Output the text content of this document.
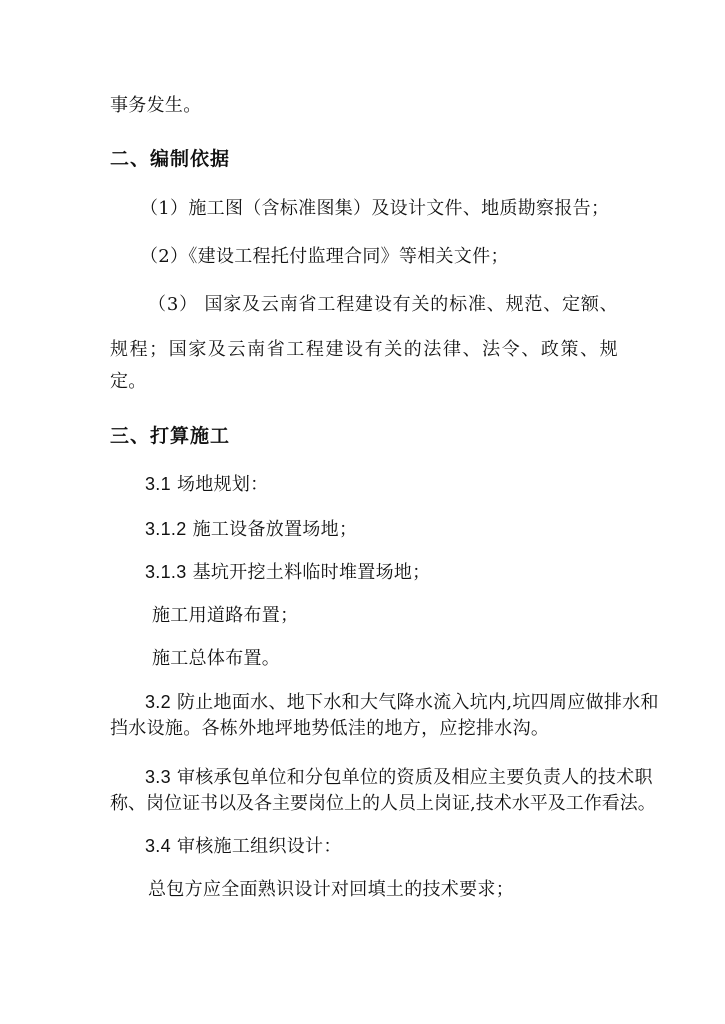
事务发生。
二、编制依据
（1）施工图（含标准图集）及设计文件、地质勘察报告；
（2）《建设工程托付监理合同》等相关文件；
（3） 国家及云南省工程建设有关的标准、规范、定额、
规程；国家及云南省工程建设有关的法律、法令、政策、规
定。
三、打算施工
3.1 场地规划：
3.1.2 施工设备放置场地；
3.1.3 基坑开挖土料临时堆置场地；
施工用道路布置；
施工总体布置。
3.2 防止地面水、地下水和大气降水流入坑内,坑四周应做排水和
挡水设施。各栋外地坪地势低洼的地方，应挖排水沟。
3.3 审核承包单位和分包单位的资质及相应主要负责人的技术职
称、岗位证书以及各主要岗位上的人员上岗证,技术水平及工作看法。
3.4 审核施工组织设计：
总包方应全面熟识设计对回填土的技术要求；
